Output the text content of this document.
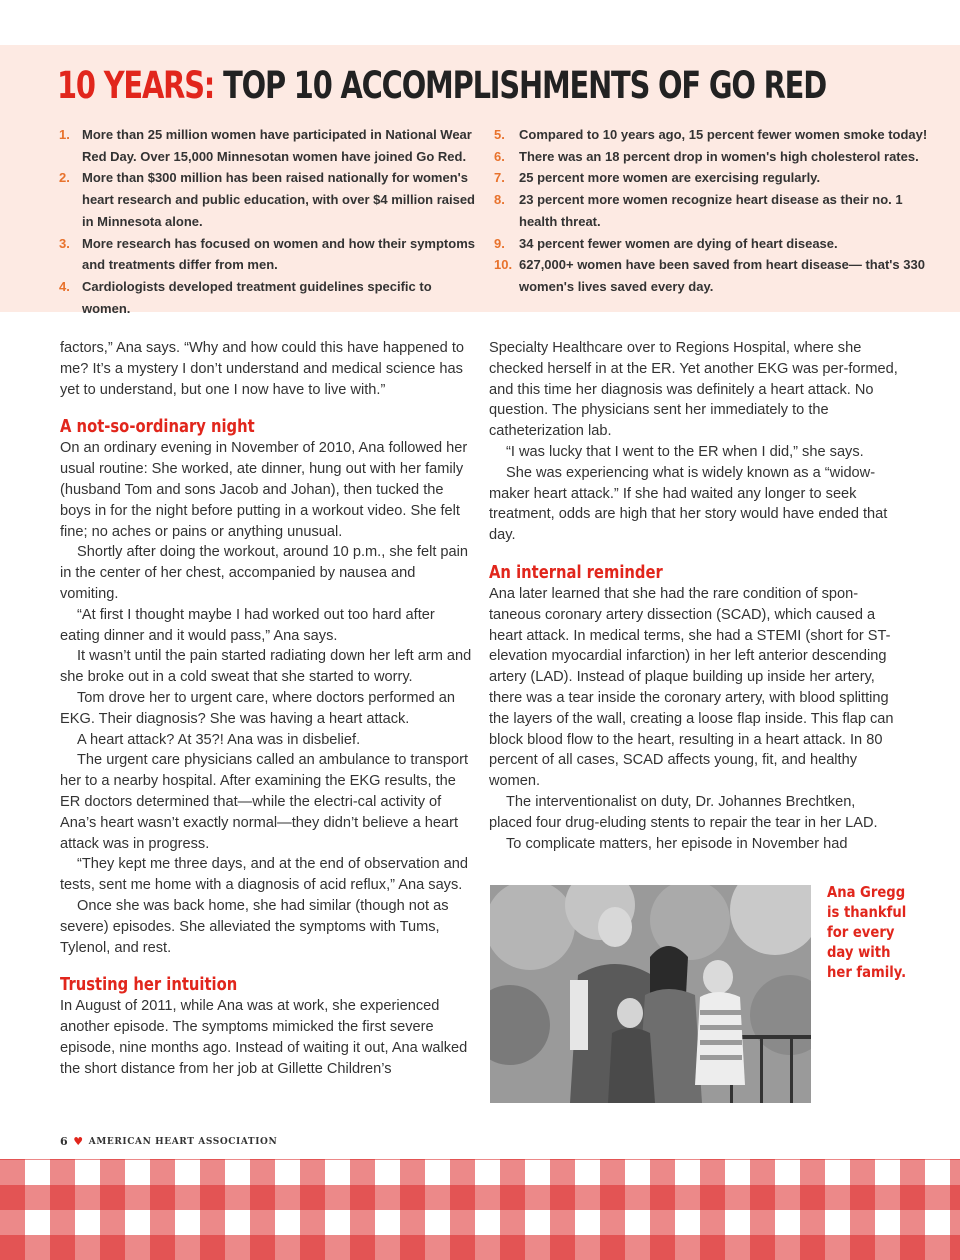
10 YEARS: TOP 10 ACCOMPLISHMENTS OF GO RED
1. More than 25 million women have participated in National Wear Red Day. Over 15,000 Minnesotan women have joined Go Red.
2. More than $300 million has been raised nationally for women's heart research and public education, with over $4 million raised in Minnesota alone.
3. More research has focused on women and how their symptoms and treatments differ from men.
4. Cardiologists developed treatment guidelines specific to women.
5. Compared to 10 years ago, 15 percent fewer women smoke today!
6. There was an 18 percent drop in women's high cholesterol rates.
7. 25 percent more women are exercising regularly.
8. 23 percent more women recognize heart disease as their no. 1 health threat.
9. 34 percent fewer women are dying of heart disease.
10. 627,000+ women have been saved from heart disease— that's 330 women's lives saved every day.

factors,” Ana says. “Why and how could this have happened to me? It’s a mystery I don’t understand and medical science has yet to understand, but one I now have to live with.”

A not-so-ordinary night

On an ordinary evening in November of 2010, Ana followed her usual routine: She worked, ate dinner, hung out with her family (husband Tom and sons Jacob and Johan), then tucked the boys in for the night before putting in a workout video. She felt fine; no aches or pains or anything unusual.

Shortly after doing the workout, around 10 p.m., she felt pain in the center of her chest, accompanied by nausea and vomiting.

“At first I thought maybe I had worked out too hard after eating dinner and it would pass,” Ana says.

It wasn’t until the pain started radiating down her left arm and she broke out in a cold sweat that she started to worry.

Tom drove her to urgent care, where doctors performed an EKG. Their diagnosis? She was having a heart attack.

A heart attack? At 35?! Ana was in disbelief.

The urgent care physicians called an ambulance to transport her to a nearby hospital. After examining the EKG results, the ER doctors determined that—while the electri-cal activity of Ana’s heart wasn’t exactly normal—they didn’t believe a heart attack was in progress.

“They kept me three days, and at the end of observation and tests, sent me home with a diagnosis of acid reflux,” Ana says.

Once she was back home, she had similar (though not as severe) episodes. She alleviated the symptoms with Tums, Tylenol, and rest.

Trusting her intuition

In August of 2011, while Ana was at work, she experienced another episode. The symptoms mimicked the first severe episode, nine months ago. Instead of waiting it out, Ana walked the short distance from her job at Gillette Children’s

Specialty Healthcare over to Regions Hospital, where she checked herself in at the ER. Yet another EKG was per-formed, and this time her diagnosis was definitely a heart attack. No question. The physicians sent her immediately to the catheterization lab.

“I was lucky that I went to the ER when I did,” she says.

She was experiencing what is widely known as a “widow-maker heart attack.” If she had waited any longer to seek treatment, odds are high that her story would have ended that day.

An internal reminder

Ana later learned that she had the rare condition of spon-taneous coronary artery dissection (SCAD), which caused a heart attack. In medical terms, she had a STEMI (short for ST-elevation myocardial infarction) in her left anterior descending artery (LAD). Instead of plaque building up inside her artery, there was a tear inside the coronary artery, with blood splitting the layers of the wall, creating a loose flap inside. This flap can block blood flow to the heart, resulting in a heart attack. In 80 percent of all cases, SCAD affects young, fit, and healthy women.

The interventionalist on duty, Dr. Johannes Brechtken, placed four drug-eluding stents to repair the tear in her LAD.

To complicate matters, her episode in November had

Ana Gregg is thankful for every day with her family.
6 ♥ AMERICAN HEART ASSOCIATION
